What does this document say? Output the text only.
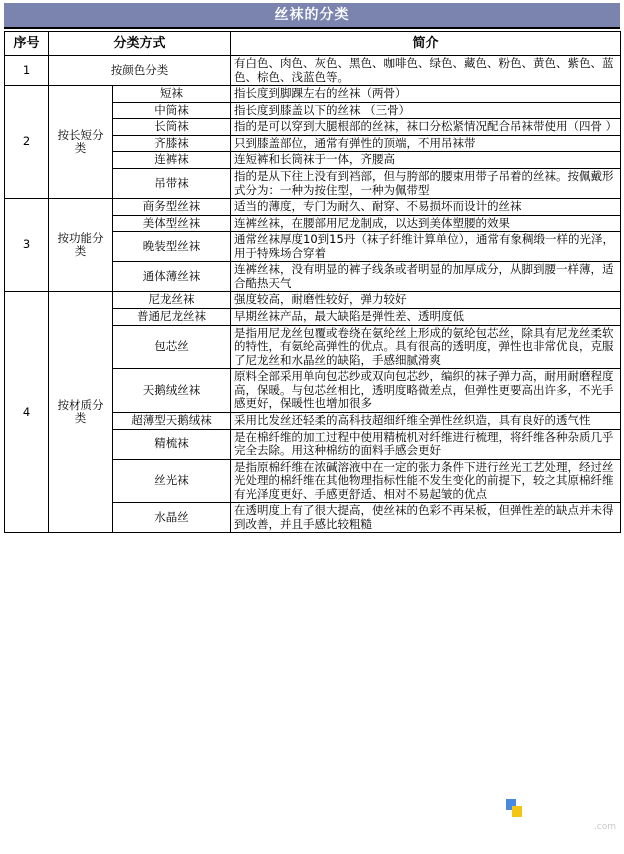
丝袜的分类
序号	分类方式		简介
1	按颜色分类		有白色、肉色、灰色、黑色、咖啡色、绿色、藏色、粉色、黄色、紫色、蓝色、棕色、浅蓝色等。
2	按长短分类	短袜	指长度到脚踝左右的丝袜（两骨）
		中筒袜	指长度到膝盖以下的丝袜 （三骨）
		长筒袜	指的是可以穿到大腿根部的丝袜，袜口分松紧情况配合吊袜带使用（四骨 ）
		齐膝袜	只到膝盖部位，通常有弹性的顶端，不用吊袜带
		连裤袜	连短裤和长筒袜于一体，齐腰高
		吊带袜	指的是从下往上没有到裆部，但与胯部的腰束用带子吊着的丝袜。按佩戴形式分为：一种为按住型，一种为佩带型
3	按功能分类	商务型丝袜	适当的薄度，专门为耐久、耐穿、不易损坏而设计的丝袜
		美体型丝袜	连裤丝袜，在腰部用尼龙制成，以达到美体塑腰的效果
		晚装型丝袜	通常丝袜厚度10到15丹（袜子纤维计算单位），通常有象稠缎一样的光泽，用于特殊场合穿着
		通体薄丝袜	连裤丝袜，没有明显的裤子线条或者明显的加厚成分，从脚到腰一样薄，适合酷热天气
4	按材质分类	尼龙丝袜	强度较高，耐磨性较好，弹力较好
		普通尼龙丝袜	早期丝袜产品，最大缺陷是弹性差、透明度低
		包芯丝	是指用尼龙丝包覆或卷绕在氨纶丝上形成的氨纶包芯丝，除具有尼龙丝柔软的特性，有氨纶高弹性的优点。具有很高的透明度，弹性也非常优良，克服了尼龙丝和水晶丝的缺陷，手感细腻滑爽
		天鹅绒丝袜	原料全部采用单向包芯纱或双向包芯纱，编织的袜子弹力高，耐用耐磨程度高，保暖。与包芯丝相比，透明度略微差点，但弹性更要高出许多，不光手感更好，保暖性也增加很多
		超薄型天鹅绒袜	采用比发丝还轻柔的高科技超细纤维全弹性丝织造，具有良好的透气性
		精梳袜	是在棉纤维的加工过程中使用精梳机对纤维进行梳理，将纤维各种杂质几乎完全去除。用这种棉纺的面料手感会更好
		丝光袜	是指原棉纤维在浓碱溶液中在一定的张力条件下进行丝光工艺处理，经过丝光处理的棉纤维在其他物理指标性能不发生变化的前提下，较之其原棉纤维有光泽度更好、手感更舒适、相对不易起皱的优点
		水晶丝	在透明度上有了很大提高，使丝袜的色彩不再呆板，但弹性差的缺点并未得到改善，并且手感比较粗糙
华经情报网
.com
